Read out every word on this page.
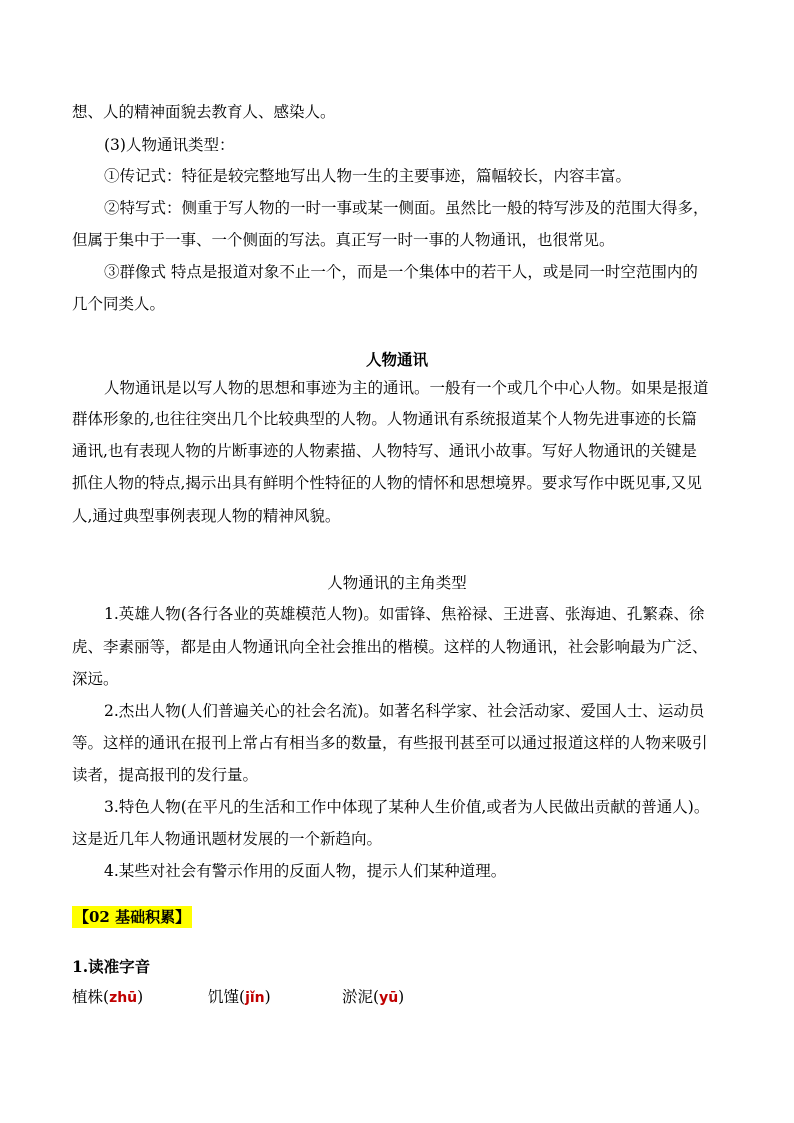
想、人的精神面貌去教育人、感染人。
(3)人物通讯类型：
①传记式：特征是较完整地写出人物一生的主要事迹，篇幅较长，内容丰富。
②特写式：侧重于写人物的一时一事或某一侧面。虽然比一般的特写涉及的范围大得多，
但属于集中于一事、一个侧面的写法。真正写一时一事的人物通讯，也很常见。
③群像式 特点是报道对象不止一个，而是一个集体中的若干人，或是同一时空范围内的
几个同类人。
人物通讯
人物通讯是以写人物的思想和事迹为主的通讯。一般有一个或几个中心人物。如果是报道
群体形象的,也往往突出几个比较典型的人物。人物通讯有系统报道某个人物先进事迹的长篇
通讯,也有表现人物的片断事迹的人物素描、人物特写、通讯小故事。写好人物通讯的关键是
抓住人物的特点,揭示出具有鲜明个性特征的人物的情怀和思想境界。要求写作中既见事,又见
人,通过典型事例表现人物的精神风貌。
人物通讯的主角类型
1.英雄人物(各行各业的英雄模范人物)。如雷锋、焦裕禄、王进喜、张海迪、孔繁森、徐
虎、李素丽等，都是由人物通讯向全社会推出的楷模。这样的人物通讯，社会影响最为广泛、
深远。
2.杰出人物(人们普遍关心的社会名流)。如著名科学家、社会活动家、爱国人士、运动员
等。这样的通讯在报刊上常占有相当多的数量，有些报刊甚至可以通过报道这样的人物来吸引
读者，提高报刊的发行量。
3.特色人物(在平凡的生活和工作中体现了某种人生价值,或者为人民做出贡献的普通人)。
这是近几年人物通讯题材发展的一个新趋向。
4.某些对社会有警示作用的反面人物，提示人们某种道理。
【02 基础积累】
1.读准字音
植株(zhū)	饥馑(jǐn)	淤泥(yū)
